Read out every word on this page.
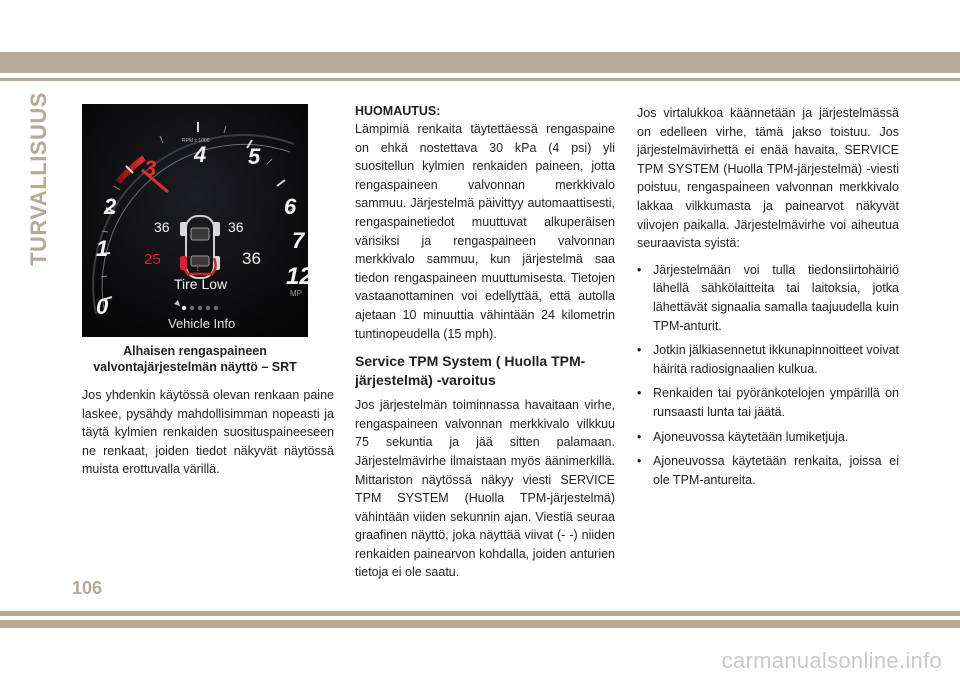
TURVALLISUUS
0
1
2
3
4 5
6
7
12
RPM x 1000
MP
!
36	36
25	36
Tire Low
Vehicle Info
Alhaisen rengaspaineen
valvontajärjestelmän näyttö – SRT

Jos yhdenkin käytössä olevan renkaan paine laskee, pysähdy mahdollisimman nopeasti ja täytä kylmien renkaiden suosituspaineeseen ne renkaat, joiden tiedot näkyvät näytössä muista erottuvalla värillä.

HUOMAUTUS:

Lämpimiä renkaita täytettäessä rengaspaine on ehkä nostettava 30 kPa (4 psi) yli suositellun kylmien renkaiden paineen, jotta rengaspaineen valvonnan merkkivalo sammuu. Järjestelmä päivittyy automaattisesti, rengaspainetiedot muuttuvat alkuperäisen värisiksi ja rengaspaineen valvonnan merkkivalo sammuu, kun järjestelmä saa tiedon rengaspaineen muuttumisesta. Tietojen vastaanottaminen voi edellyttää, että autolla ajetaan 10 minuuttia vähintään 24 kilometrin tuntinopeudella (15 mph).

Service TPM System ( Huolla TPM-järjestelmä) -varoitus

Jos järjestelmän toiminnassa havaitaan virhe, rengaspaineen valvonnan merkkivalo vilkkuu 75 sekuntia ja jää sitten palamaan. Järjestelmävirhe ilmaistaan myös äänimerkillä. Mittariston näytössä näkyy viesti SERVICE TPM SYSTEM (Huolla TPM-järjestelmä) vähintään viiden sekunnin ajan. Viestiä seuraa graafinen näyttö, joka näyttää viivat (- -) niiden renkaiden painearvon kohdalla, joiden anturien tietoja ei ole saatu.

Jos virtalukkoa käännetään ja järjestelmässä on edelleen virhe, tämä jakso toistuu. Jos järjestelmävirhettä ei enää havaita, SERVICE TPM SYSTEM (Huolla TPM-järjestelmä) -viesti poistuu, rengaspaineen valvonnan merkkivalo lakkaa vilkkumasta ja painearvot näkyvät viivojen paikalla. Järjestelmävirhe voi aiheutua seuraavista syistä:

• Järjestelmään voi tulla tiedonsiirtohäiriö lähellä sähkölaitteita tai laitoksia, jotka lähettävät signaalia samalla taajuudella kuin TPM-anturit.
• Jotkin jälkiasennetut ikkunapinnoitteet voivat häiritä radiosignaalien kulkua.
• Renkaiden tai pyöränkotelojen ympärillä on runsaasti lunta tai jäätä.
• Ajoneuvossa käytetään lumiketjuja.
• Ajoneuvossa käytetään renkaita, joissa ei ole TPM-antureita.
106
carmanualsonline.info
